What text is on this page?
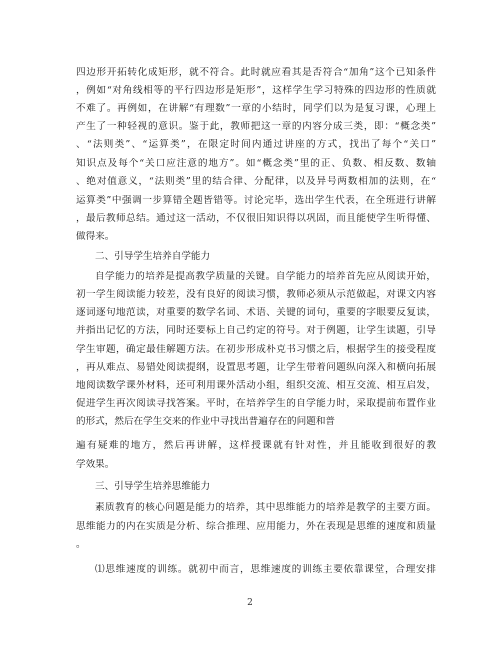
四边形开拓转化成矩形，就不符合。此时就应看其是否符合“加角”这个已知条件
，例如“对角线相等的平行四边形是矩形”，这样学生学习特殊的四边形的性质就
不难了。再例如，在讲解“有理数”一章的小结时，同学们以为是复习课，心理上
产生了一种轻视的意识。鉴于此，教师把这一章的内容分成三类，即：“概念类”
、“法则类”、“运算类”，在限定时间内通过讲座的方式，找出了每个“关口”
知识点及每个“关口应注意的地方”。如“概念类”里的正、负数、相反数、数轴
、绝对值意义，“法则类”里的结合律、分配律，以及异号两数相加的法则，在“
运算类”中强调一步算错全题皆错等。讨论完毕，选出学生代表，在全班进行讲解
，最后教师总结。通过这一活动，不仅很旧知识得以巩固，而且能使学生听得懂、
做得来。
二、引导学生培养自学能力
自学能力的培养是提高教学质量的关键。自学能力的培养首先应从阅读开始，
初一学生阅读能力较差，没有良好的阅读习惯，教师必须从示范做起，对课文内容
逐词逐句地范读，对重要的数学名词、术语、关键的词句，重要的字眼要反复读，
并指出记忆的方法，同时还要标上自己约定的符号。对于例题，让学生读题，引导
学生审题，确定最佳解题方法。在初步形成朴克书习惯之后，根据学生的接受程度
，再从难点、易错处阅读提纲，设置思考题，让学生带着问题纵向深入和横向拓展
地阅读数学课外材料，还可利用课外活动小组，组织交流、相互交流、相互启发，
促进学生再次阅读寻找答案。平时，在培养学生的自学能力时，采取提前布置作业
的形式，然后在学生交来的作业中寻找出普遍存在的问题和普
遍有疑难的地方，然后再讲解，这样授课就有针对性，并且能收到很好的教
学效果。
三、引导学生培养思维能力
素质教育的核心问题是能力的培养，其中思维能力的培养是教学的主要方面。
思维能力的内在实质是分析、综合推理、应用能力，外在表现是思维的速度和质量
。
⑴思维速度的训练。就初中而言，思维速度的训练主要依靠课堂，合理安排
2
